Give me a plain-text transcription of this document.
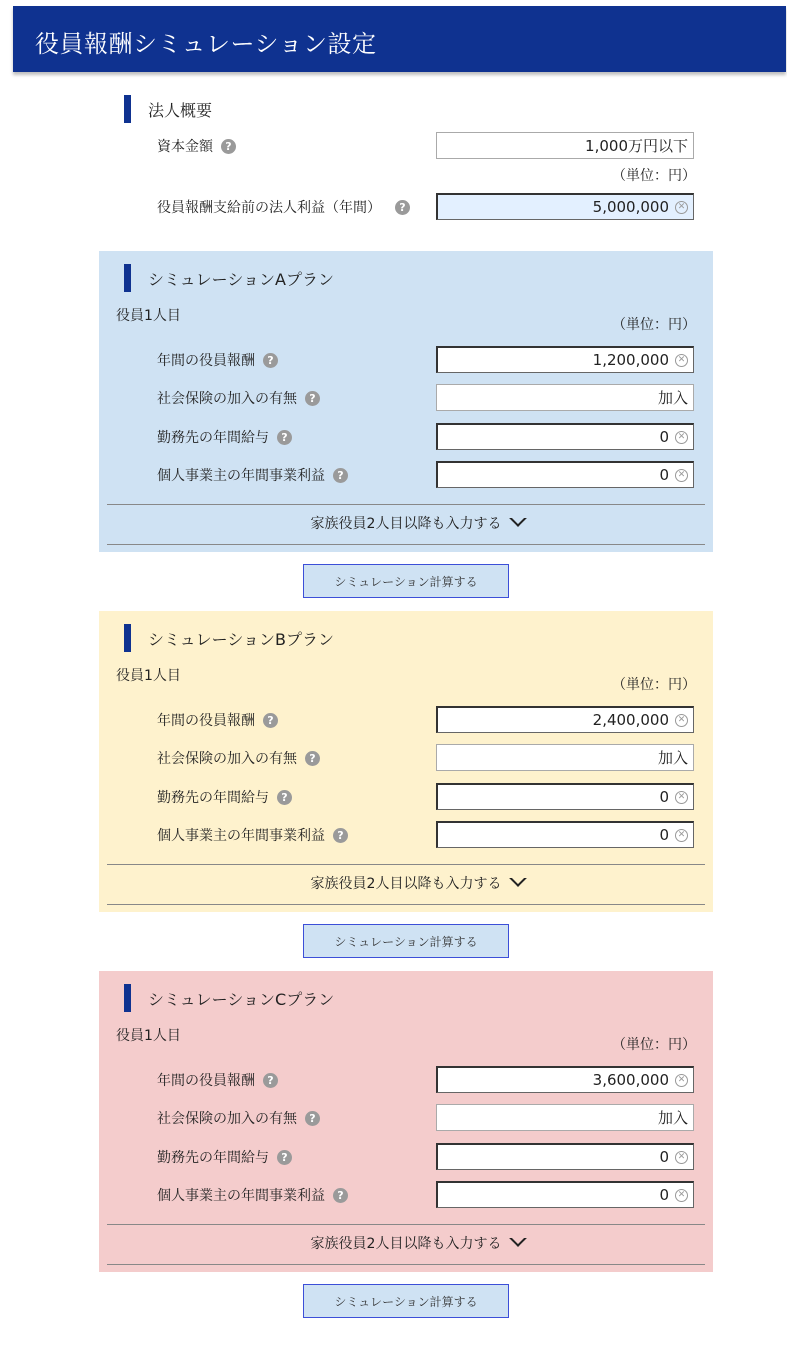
役員報酬シミュレーション設定
法人概要
資本金額	?	1,000万円以下
（単位：円）
役員報酬支給前の法人利益（年間）	?	5,000,000 ✕
シミュレーションAプラン
役員1人目
（単位：円）
年間の役員報酬	?	1,200,000 ✕
社会保険の加入の有無	?	加入
勤務先の年間給与	?	0 ✕
個人事業主の年間事業利益	?	0 ✕
家族役員2人目以降も入力する
シミュレーション計算する
シミュレーションBプラン
役員1人目
（単位：円）
年間の役員報酬	?	2,400,000 ✕
社会保険の加入の有無	?	加入
勤務先の年間給与	?	0 ✕
個人事業主の年間事業利益	?	0 ✕
家族役員2人目以降も入力する
シミュレーション計算する
シミュレーションCプラン
役員1人目
（単位：円）
年間の役員報酬	?	3,600,000 ✕
社会保険の加入の有無	?	加入
勤務先の年間給与	?	0 ✕
個人事業主の年間事業利益	?	0 ✕
家族役員2人目以降も入力する
シミュレーション計算する
